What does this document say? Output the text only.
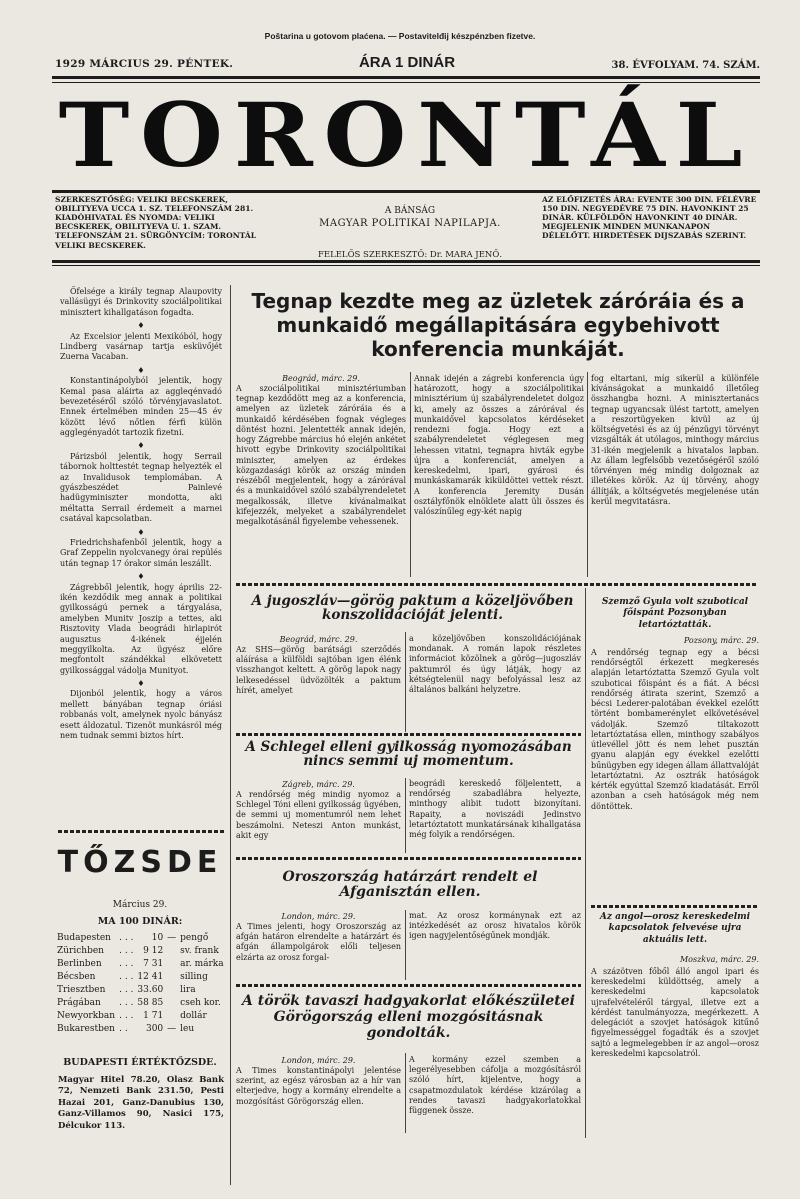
Poštarina u gotovom plaćena. — Postavitelđij készpénzben fizetve.
1929 MÁRCIUS 29. PÉNTEK.	ÁRA 1 DINÁR	38. ÉVFOLYAM. 74. SZÁM.
TORONTÁL
SZERKESZTŐSÉG: VELIKI BECSKEREK, OBILITYEVA UCCA 1. SZ. TELEFONSZÁM 281. KIADÓHIVATAL ÉS NYOMDA: VELIKI BECSKEREK, OBILITYEVA U. 1. SZAM. TELEFONSZÁM 21. SÜRGÖNYCÍM: TORONTÁL VELIKI BECSKEREK.
A BÁNSÁG
MAGYAR POLITIKAI NAPILAPJA.
FELELŐS SZERKESZTŐ: Dr. MARA JENŐ.
AZ ELŐFIZETÉS ÁRA: EVENTE 300 DIN. FÉLÉVRE 150 DIN. NEGYEDÉVRE 75 DIN. HAVONKINT 25 DINÁR. KÜLFÖLDÖN HAVONKINT 40 DINÁR. MEGJELENIK MINDEN MUNKANAPON DÉLELŐTT. HIRDETÉSEK DIJSZABÁS SZERINT.

Őfelsége a király tegnap Alaupovity vallásügyi és Drinkovity szociálpolitikai minisztert kihallgatáson fogadta.

♦

Az Excelsior jelenti Mexikóból, hogy Lindberg vasárnap tartja esküvőjét Zuerna Vacaban.

♦

Konstantinápolyból jelentik, hogy Kemal pasa aláirta az aggleqénvadó bevezetéséről szóló törvényjavaslatot. Ennek értelmében minden 25—45 év között lévő nőtlen férfi külön agglegényadót tartozik fizetni.

♦

Párizsból jelentik, hogy Serrail tábornok holttestét tegnap helyezték el az Invalidusok templomában. A gyászbeszédet Painlevé hadügyminiszter mondotta, aki méltatta Serrail érdemeit a marnei csatával kapcsolatban.

♦

Friedrichshafenből jelentik, hogy a Graf Zeppelin nyolcvanegy órai repülés után tegnap 17 órakor simán leszállt.

♦

Zágrebből jelentik, hogy április 22-ikén kezdődik meg annak a politikai gyilkosságú pernek a tárgyalása, amelyben Munitv Joszip a tettes, aki Risztovity Vlada beográdi hirlapirót augusztus 4-ikének éjjelén meggyilkolta. Az ügyész előre megfontolt szándékkal elkövetett gyilkossággal vádolja Munityot.

♦

Dijonból jelentik, hogy a város mellett bányában tegnap óriási robbanás volt, amelynek nyolc bányász esett áldozatul. Tizenöt munkásról még nem tudnak semmi biztos hírt.

TŐZSDE
Március 29.
MA 100 DINÁR:
Budapesten	. . .	10	—	pengő
Zürichben	. . .	9 12		sv. frank
Berlinben	. . .	7 31		ar. márka
Bécsben	. . .	12 41		silling
Triesztben	. . .	33.60		lira
Prágában	. . .	58 85		cseh kor.
Newyorkban	. . .	1 71		dollár
Bukarestben	. .	300	—	leu
BUDAPESTI ÉRTÉKTŐZSDE.
Magyar Hitel 78.20, Olasz Bank 72, Nemzeti Bank 231.50, Pesti Hazai 201, Ganz-Danubius 130, Ganz-Villamos 90, Nasici 175, Délcukor 113.
Tegnap kezdte meg az üzletek záróráia és a munkaidő megállapitására egybehivott konferencia munkáját.
Beográd, márc. 29.
A szociálpolitikai minisztériumban tegnap kezdődött meg az a konferencia, amelyen az üzletek záróráia és a munkaidő kérdésében fognak végleges döntést hozni. Jelentették annak idején, hogy Zágrebbe március hó elején ankétet hivott egybe Drinkovity szociálpolitikai miniszter, amelyen az érdekes közgazdasági körök az ország minden részéből megjelentek, hogy a zárórával és a munkaidővel szóló szabályrendeletet megalkossák, illetve kívánalmaikat kifejezzék, melyeket a szabályrendelet megalkotásánál figyelembe vehessenek.
Annak idején a zágrebi konferencia úgy határozott, hogy a szociálpolitikai minisztérium új szabályrendeletet dolgoz ki, amely az összes a zárórával és munkaidővel kapcsolatos kérdéseket rendezni fogja. Hogy ezt a szabályrendeletet véglegesen meg lehessen vitatni, tegnapra hivták egybe újra a konferenciát, amelyen a kereskedelmi, ipari, gyárosi és munkáskamarák kiküldöttei vettek részt. A konferencia Jeremity Dusán osztályfőnök elnöklete alatt üli összes és valószínűleg egy-két napig
fog eltartani, míg sikerül a különféle kívánságokat a munkaidő illetőleg összhangba hozni. A minisztertanács tegnap ugyancsak ülést tartott, amelyen a reszortügyeken kivül az új költségvetési és az új pénzügyi törvényt vizsgálták át utólagos, minthogy március 31-ikén megjelenik a hivatalos lapban. Az állam legfelsőbb vezetőségéről szóló törvényen még mindig dolgoznak az illetékes körök. Az új törvény, ahogy állítják, a költségvetés megjelenése után kerül megvitatásra.
A jugoszláv—görög paktum a közeljövőben konszolidációját jelenti.
Beográd, márc. 29.
Az SHS—görög barátsági szerződés aláírása a külföldi sajtóban igen élénk visszhangot keltett. A görög lapok nagy lelkesedéssel üdvözölték a paktum hírét, amelyet
a közeljövőben konszolidációjának mondanak. A román lapok részletes informáciot közölnek a görög—jugoszláv paktumról és úgy látják, hogy az kétségtelenül nagy befolyással lesz az általános balkáni helyzetre.
A Schlegel elleni gyilkosság nyomozásában nincs semmi uj momentum.
Zágreb, márc. 29.
A rendőrség még mindig nyomoz a Schlegel Tóni elleni gyilkosság ügyében, de semmi uj momentumról nem lehet beszámolni. Neteszi Anton munkást, akit egy
beográdi kereskedő följelentett, a rendőrség szabadlábra helyezte, minthogy alibit tudott bizonyítani. Rapaity, a noviszádi Jedinstvo letartóztatott munkatársának kihallgatása még folyik a rendőrségen.
Oroszország határzárt rendelt el Afganisztán ellen.
London, márc. 29.
A Times jelenti, hogy Oroszország az afgán határon elrendelte a határzárt és afgán állampolgárok előli teljesen elzárta az orosz forgal-
mat. Az orosz kormánynak ezt az intézkedését az orosz hivatalos körök igen nagyjelentőségűnek mondják.
A török tavaszi hadgyakorlat előkészületei Görögország elleni mozgósitásnak gondolták.
London, márc. 29.
A Times konstantinápolyi jelentése szerint, az egész városban az a hír van elterjedve, hogy a kormány elrendelte a mozgósítást Görögország ellen.
A kormány ezzel szemben a legerélyesebben cáfolja a mozgósításról szóló hírt, kijelentve, hogy a csapatmozdulatok kérdése kizárólag a rendes tavaszi hadgyakorlatokkal függenek össze.
Szemző Gyula volt szubotical főispánt Pozsonyban letartóztatták.
Pozsony, márc. 29.
A rendőrség tegnap egy a bécsi rendőrségtől érkezett megkeresés alapján letartóztatta Szemző Gyula volt szuboticai főispánt és a fiát. A bécsi rendőrség átirata szerint, Szemző a bécsi Lederer-palotában évekkel ezelőtt történt bombamerénylet elkövetésével vádolják. Szemző tiltakozott letartóztatása ellen, minthogy szabályos útlevéllel jött és nem lehet pusztán gyanu alapján egy évekkel ezelőtti bűnügyben egy idegen állam állattvalóját letartóztatni. Az osztrák hatóságok kérték egyúttal Szemző kiadatását. Erről azonban a cseh hatóságok még nem döntöttek.
Az angol—orosz kereskedelmi kapcsolatok felvevése ujra aktuális lett.
Moszkva, márc. 29.
A százötven főből álló angol ipari és kereskedelmi küldöttség, amely a kereskedelmi kapcsolatok ujrafelvételéről tárgyal, illetve ezt a kérdést tanulmányozza, megérkezett. A delegációt a szovjet hatóságok kitűnő figyelmességgel fogadták és a szovjet sajtó a legmelegebben ír az angol—orosz kereskedelmi kapcsolatról.
